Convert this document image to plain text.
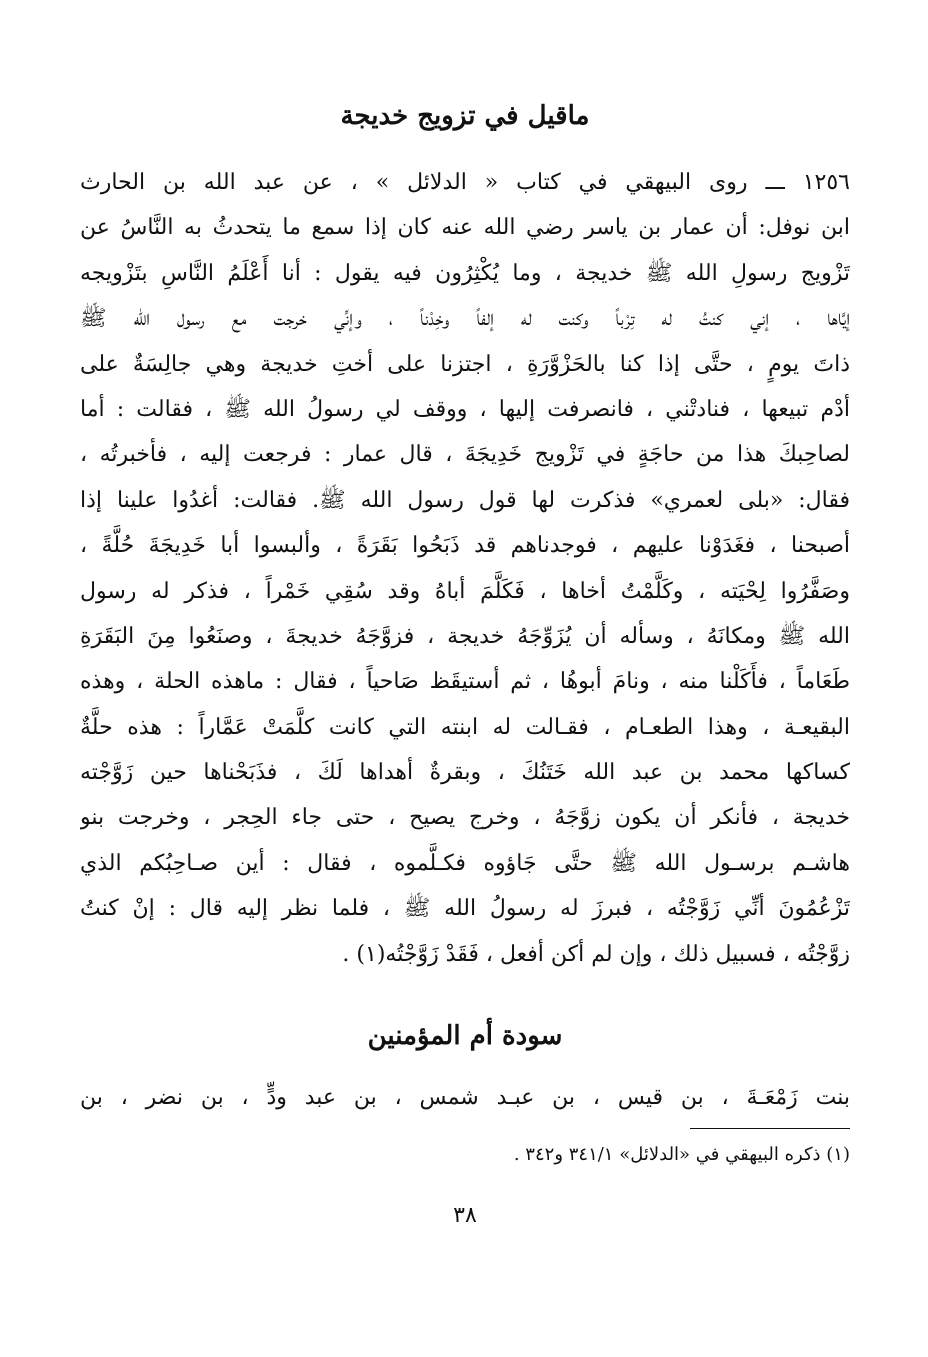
ماقيل في تزويج خديجة
١٢٥٦ ـــ روى البيهقي في كتاب « الدلائل » ، عن عبد الله بن الحارث
ابن نوفل: أن عمار بن ياسر رضي الله عنه كان إذا سمع ما يتحدثُ به النَّاسُ عن
تَزْويج رسولِ الله ﷺ خديجة ، وما يُكْثِرُون فيه يقول : أنا أَعْلَمُ النَّاسِ بتَزْويجه
إيَّاها ، إني كنتُ له تِرْباً وكنت له إلفاً وخِدْناً ، وإنِّي خرجت مع رسول الله ﷺ
ذاتَ يومٍ ، حتَّى إذا كنا بالحَزْوَّرَةِ ، اجتزنا على أختِ خديجة وهي جالِسَةٌ على
أدْم تبيعها ، فنادتْني ، فانصرفت إليها ، ووقف لي رسولُ الله ﷺ ، فقالت : أما
لصاحِبكَ هذا من حاجَةٍ في تَزْويج خَدِيجَةَ ، قال عمار : فرجعت إليه ، فأخبرتُه ،
فقال: «بلى لعمري» فذكرت لها قول رسول الله ﷺ. فقالت: أغدُوا علينا إذا
أصبحنا ، فغَدَوْنا عليهم ، فوجدناهم قد ذَبَحُوا بَقَرَةً ، وألبسوا أبا خَدِيجَةَ حُلَّةً ،
وصَفَّرُوا لِحْيَته ، وكَلَّمْتُ أخاها ، فَكَلَّمَ أباهُ وقد سُقِي خَمْراً ، فذكر له رسول
الله ﷺ ومكانَهُ ، وسأله أن يُزَوِّجَهُ خديجة ، فزوَّجَهُ خديجةَ ، وصنَعُوا مِنَ البَقَرَةِ
طَعَاماً ، فأَكَلْنا منه ، ونامَ أبوهُا ، ثم أستيقَظ صَاحياً ، فقال : ماهذه الحلة ، وهذه
البقيعـة ، وهذا الطعـام ، فقـالت له ابنته التي كانت كلَّمَتْ عَمَّاراً : هذه حلَّةٌ
كساكها محمد بن عبد الله خَتَنُكَ ، وبقرةٌ أهداها لَكَ ، فذَبَحْناها حين زَوَّجْته
خديجة ، فأنكر أن يكون زوَّجَهُ ، وخرج يصيح ، حتى جاء الحِجر ، وخرجت بنو
هاشـم برسـول الله ﷺ حتَّى جَاؤوه فكـلَّموه ، فقال : أين صـاحِبُكم الذي
تَزْعُمُونَ أنِّي زَوَّجْتُه ، فبرزَ له رسولُ الله ﷺ ، فلما نظر إليه قال : إنْ كنتُ
زوَّجْتُه ، فسبيل ذلك ، وإن لم أكن أفعل ، فَقَدْ زَوَّجْتُه(١) .
سودة أم المؤمنين

بنت زَمْعَـةَ ، بن قيس ، بن عبـد شمس ، بن عبد ودٍّ ، بن نضر ، بن

(١) ذكره البيهقي في «الدلائل» ٣٤١/١ و٣٤٢ .

٣٨
